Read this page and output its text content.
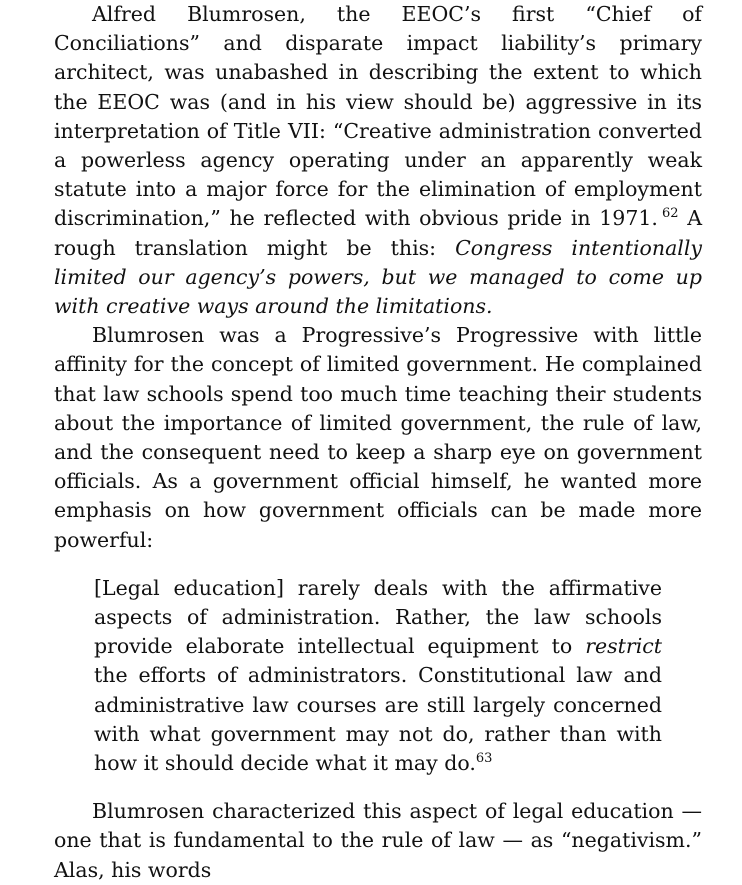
Alfred Blumrosen, the EEOC’s first “Chief of Conciliations” and disparate impact liability’s primary architect, was unabashed in describing the extent to which the EEOC was (and in his view should be) aggressive in its interpretation of Title VII: “Creative administration converted a powerless agency operating under an apparently weak statute into a major force for the elimination of employment discrimination,” he reflected with obvious pride in 1971. $^{62}$ A rough translation might be this: Congress intentionally limited our agency’s powers, but we managed to come up with creative ways around the limitations.

Blumrosen was a Progressive’s Progressive with little affinity for the concept of limited government. He complained that law schools spend too much time teaching their students about the importance of limited government, the rule of law, and the consequent need to keep a sharp eye on government officials. As a government official himself, he wanted more emphasis on how government officials can be made more powerful:

[Legal education] rarely deals with the affirmative aspects of administration. Rather, the law schools provide elaborate intellectual equipment to restrict the efforts of administrators. Constitutional law and administrative law courses are still largely concerned with what government may not do, rather than with how it should decide what it may do.$^{63}$

Blumrosen characterized this aspect of legal education — one that is fundamental to the rule of law — as “negativism.” Alas, his words
